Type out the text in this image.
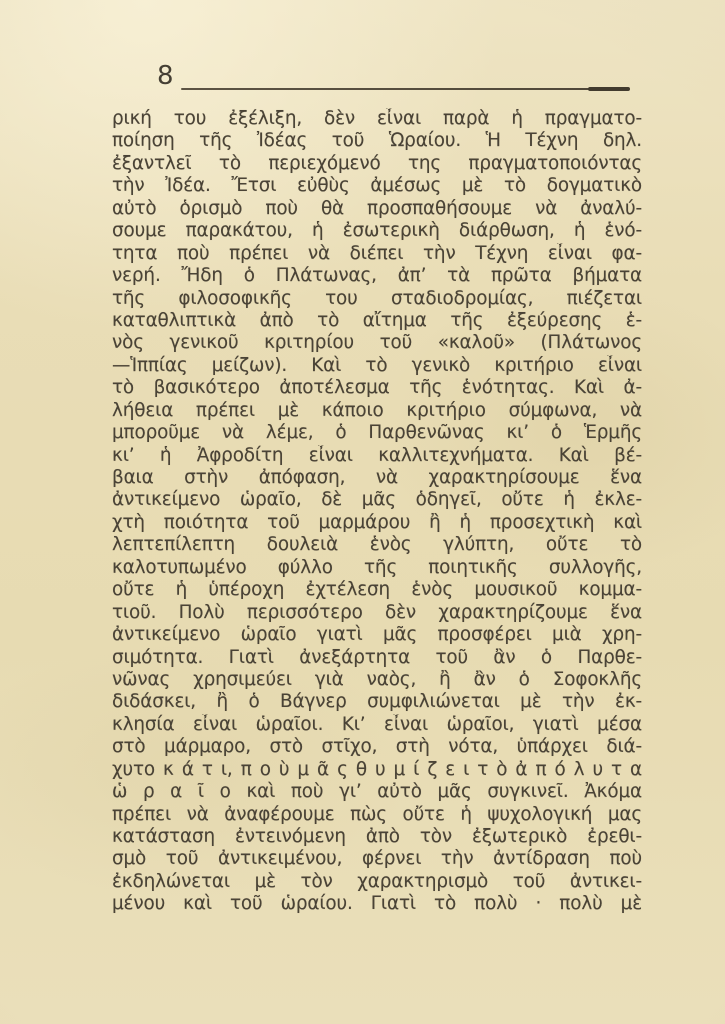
8
ρική του ἐξέλιξη, δὲν εἶναι παρὰ ἡ πραγματο-
ποίηση τῆς Ἰδέας τοῦ Ὡραίου. Ἡ Τέχνη δηλ.
ἐξαντλεῖ τὸ περιεχόμενό της πραγματοποιόντας
τὴν Ἰδέα. Ἔτσι εὐθὺς ἀμέσως μὲ τὸ δογματικὸ
αὐτὸ ὁρισμὸ ποὺ θὰ προσπαθήσουμε νὰ ἀναλύ-
σουμε παρακάτου, ἡ ἐσωτερικὴ διάρθωση, ἡ ἑνό-
τητα ποὺ πρέπει νὰ διέπει τὴν Τέχνη εἶναι φα-
νερή. Ἤδη ὁ Πλάτωνας, ἀπ’ τὰ πρῶτα βήματα
τῆς φιλοσοφικῆς του σταδιοδρομίας, πιέζεται
καταθλιπτικὰ ἀπὸ τὸ αἴτημα τῆς ἐξεύρεσης ἑ-
νὸς γενικοῦ κριτηρίου τοῦ «καλοῦ» (Πλάτωνος
—Ἱππίας μείζων). Καὶ τὸ γενικὸ κριτήριο εἶναι
τὸ βασικότερο ἀποτέλεσμα τῆς ἑνότητας. Καὶ ἀ-
λήθεια πρέπει μὲ κάποιο κριτήριο σύμφωνα, νὰ
μποροῦμε νὰ λέμε, ὁ Παρθενῶνας κι’ ὁ Ἑρμῆς
κι’ ἡ Ἀφροδίτη εἶναι καλλιτεχνήματα. Καὶ βέ-
βαια στὴν ἀπόφαση, νὰ χαρακτηρίσουμε ἕνα
ἀντικείμενο ὡραῖο, δὲ μᾶς ὁδηγεῖ, οὔτε ἡ ἐκλε-
χτὴ ποιότητα τοῦ μαρμάρου ἢ ἡ προσεχτικὴ καὶ
λεπτεπίλεπτη δουλειὰ ἑνὸς γλύπτη, οὔτε τὸ
καλοτυπωμένο φύλλο τῆς ποιητικῆς συλλογῆς,
οὔτε ἡ ὑπέροχη ἐχτέλεση ἑνὸς μουσικοῦ κομμα-
τιοῦ. Πολὺ περισσότερο δὲν χαρακτηρίζουμε ἕνα
ἀντικείμενο ὡραῖο γιατὶ μᾶς προσφέρει μιὰ χρη-
σιμότητα. Γιατὶ ἀνεξάρτητα τοῦ ἂν ὁ Παρθε-
νῶνας χρησιμεύει γιὰ ναὸς, ἢ ἂν ὁ Σοφοκλῆς
διδάσκει, ἢ ὁ Βάγνερ συμφιλιώνεται μὲ τὴν ἐκ-
κλησία εἶναι ὡραῖοι. Κι’ εἶναι ὡραῖοι, γιατὶ μέσα
στὸ μάρμαρο, στὸ στῖχο, στὴ νότα, ὑπάρχει διά-
χυτο κ ά τ ι, π ο ὺ μ ᾶ ς θ υ μ ί ζ ε ι τ ὸ ἀ π ό λ υ τ α
ὡ ρ α ῖ ο καὶ ποὺ γι’ αὐτὸ μᾶς συγκινεῖ. Ἀκόμα
πρέπει νὰ ἀναφέρουμε πὼς οὔτε ἡ ψυχολογική μας
κατάσταση ἐντεινόμενη ἀπὸ τὸν ἐξωτερικὸ ἐρεθι-
σμὸ τοῦ ἀντικειμένου, φέρνει τὴν ἀντίδραση ποὺ
ἐκδηλώνεται μὲ τὸν χαρακτηρισμὸ τοῦ ἀντικει-
μένου καὶ τοῦ ὡραίου. Γιατὶ τὸ πολὺ · πολὺ μὲ
